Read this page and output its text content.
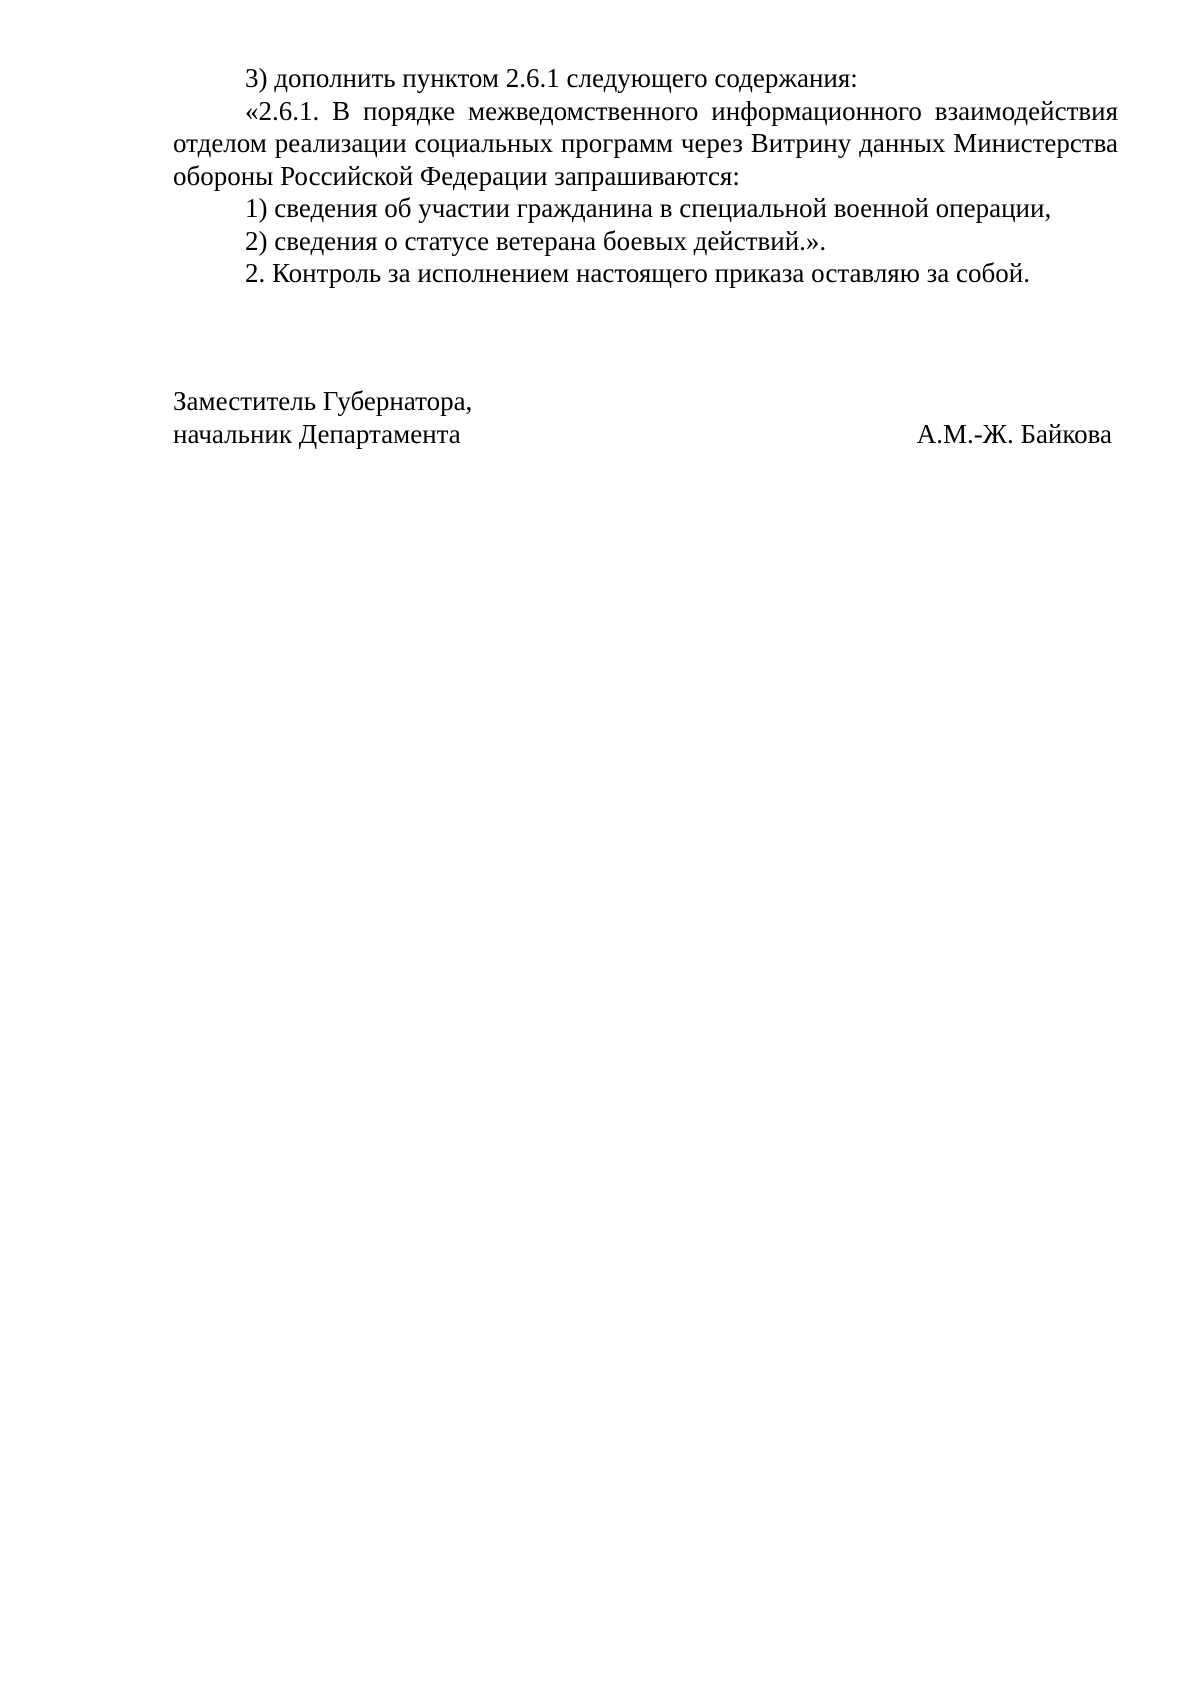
3) дополнить пунктом 2.6.1 следующего содержания:

«2.6.1. В порядке межведомственного информационного взаимодействия отделом реализации социальных программ через Витрину данных Министерства обороны Российской Федерации запрашиваются:

1) сведения об участии гражданина в специальной военной операции,

2) сведения о статусе ветерана боевых действий.».

2. Контроль за исполнением настоящего приказа оставляю за собой.

Заместитель Губернатора,
начальник Департамента	А.М.-Ж. Байкова
